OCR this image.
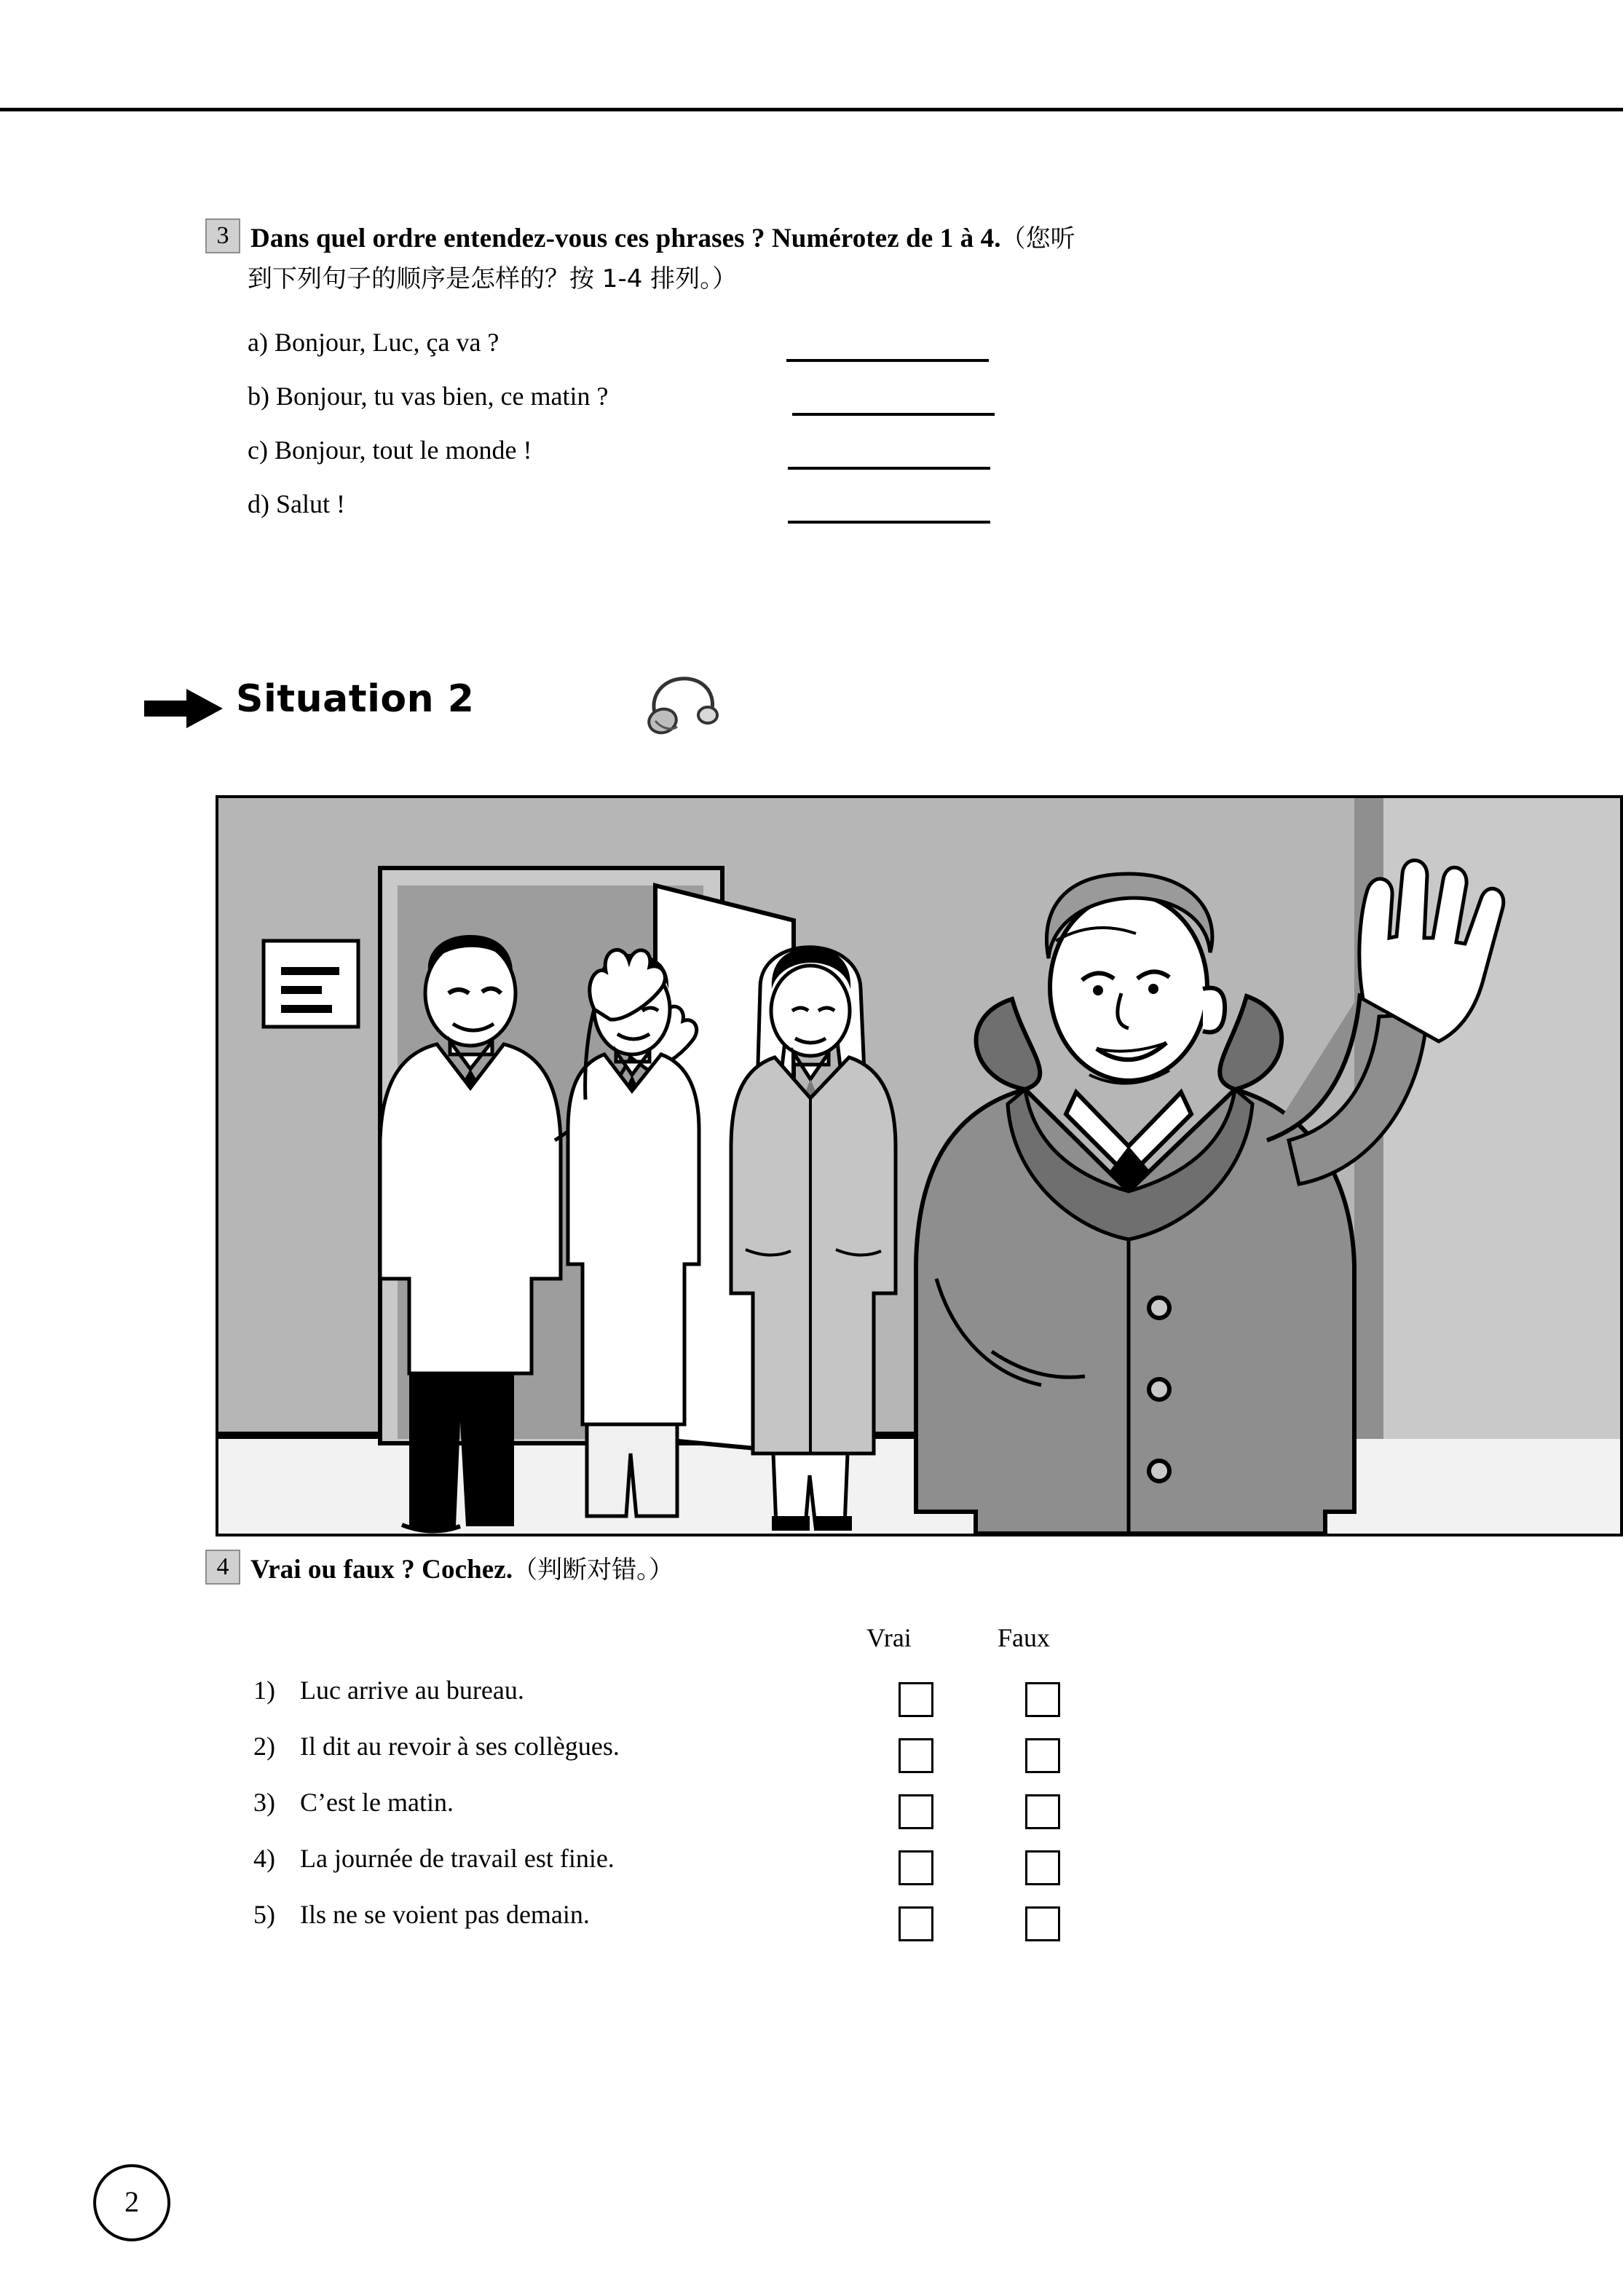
3 Dans quel ordre entendez-vous ces phrases ? Numérotez de 1 à 4.（您听
到下列句子的顺序是怎样的？按 1-4 排列。）
a) Bonjour, Luc, ça va ?
b) Bonjour, tu vas bien, ce matin ?
c) Bonjour, tout le monde !
d) Salut !
Situation 2
4 Vrai ou faux ? Cochez.（判断对错。）
Vrai	Faux
1) Luc arrive au bureau.
2) Il dit au revoir à ses collègues.
3) C’est le matin.
4) La journée de travail est finie.
5) Ils ne se voient pas demain.
2
